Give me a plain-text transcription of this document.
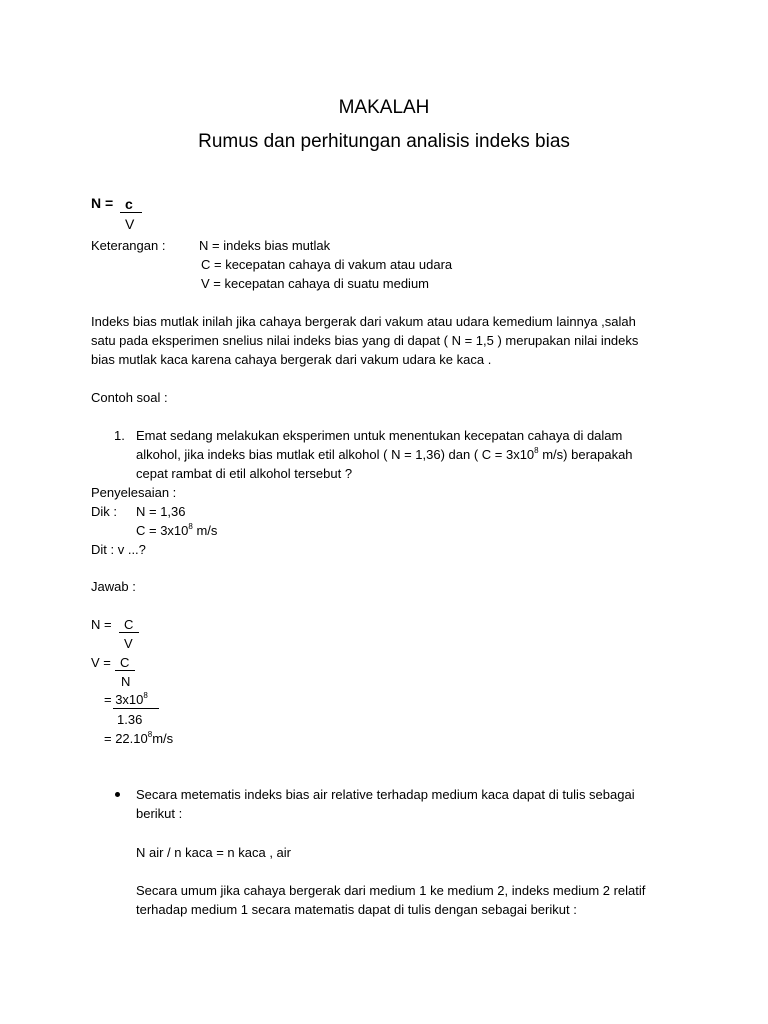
MAKALAH
Rumus dan perhitungan analisis indeks bias
N = c
V
Keterangan :	N = indeks bias mutlak
C = kecepatan cahaya di vakum atau udara
V = kecepatan cahaya di suatu medium
Indeks bias mutlak inilah jika cahaya bergerak dari vakum atau udara kemedium lainnya ,salah
satu pada eksperimen snelius nilai indeks bias yang di dapat ( N = 1,5 ) merupakan nilai indeks
bias mutlak kaca karena cahaya bergerak dari vakum udara ke kaca .
Contoh soal :
1. Emat sedang melakukan eksperimen untuk menentukan kecepatan cahaya di dalam
alkohol, jika indeks bias mutlak etil alkohol ( N = 1,36) dan ( $C = 3x10^8$ m/s) berapakah
cepat rambat di etil alkohol tersebut ?
Penyelesaian :
Dik : N = 1,36
$C = 3x10^8$ m/s
Dit : v ...?
Jawab :
N = C
V
V = C
N
= $3x10^8$
1.36
= $22.10^8m/s$
Secara metematis indeks bias air relative terhadap medium kaca dapat di tulis sebagai
berikut :
N air / n kaca = n kaca , air
Secara umum jika cahaya bergerak dari medium 1 ke medium 2, indeks medium 2 relatif
terhadap medium 1 secara matematis dapat di tulis dengan sebagai berikut :
